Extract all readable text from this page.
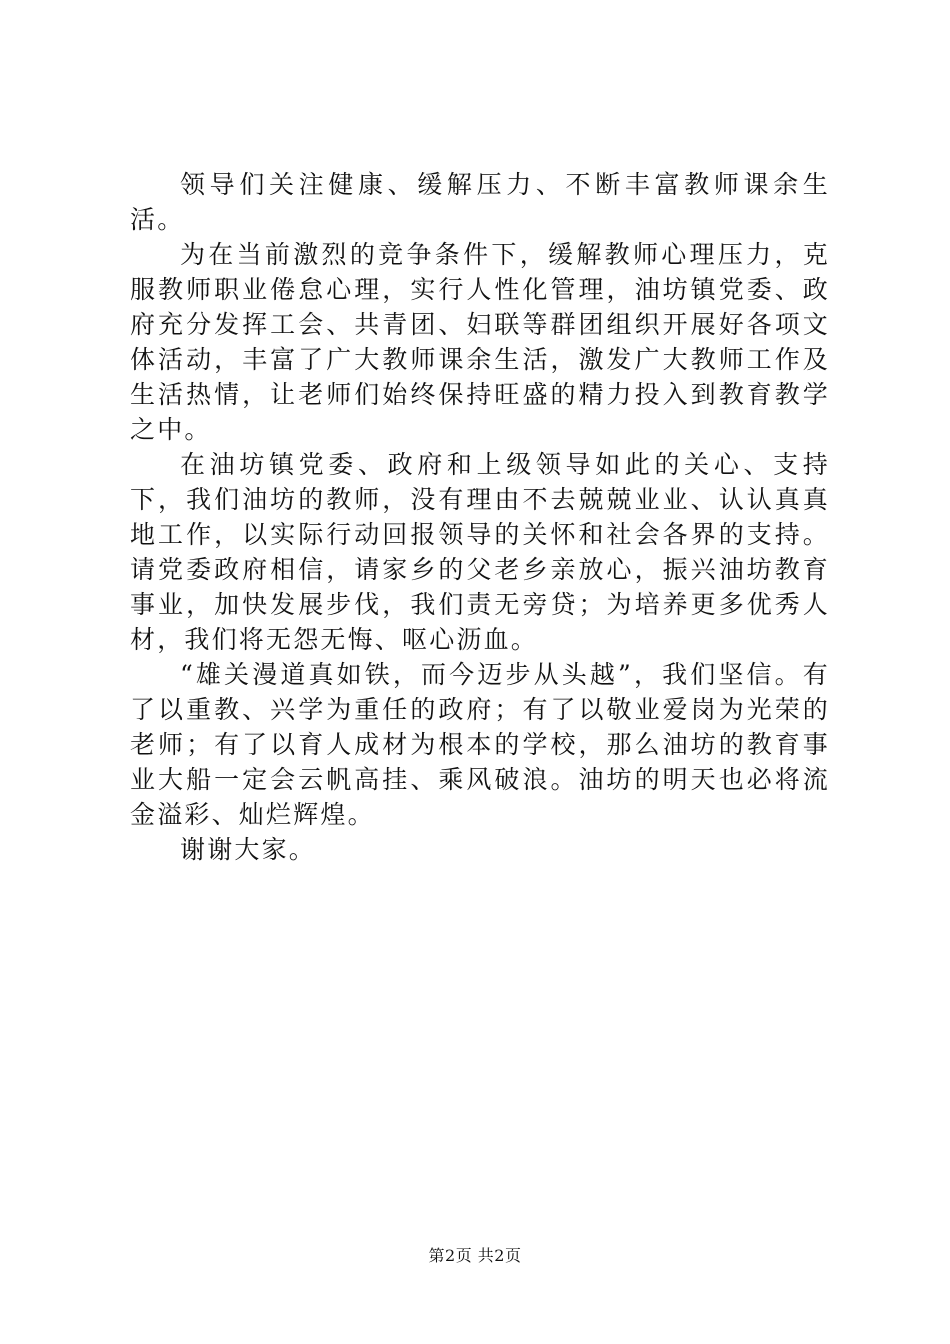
领导们关注健康、缓解压力、不断丰富教师课余生活。

为在当前激烈的竞争条件下，缓解教师心理压力，克服教师职业倦怠心理，实行人性化管理，油坊镇党委、政府充分发挥工会、共青团、妇联等群团组织开展好各项文体活动，丰富了广大教师课余生活，激发广大教师工作及生活热情，让老师们始终保持旺盛的精力投入到教育教学之中。

在油坊镇党委、政府和上级领导如此的关心、支持下，我们油坊的教师，没有理由不去兢兢业业、认认真真地工作，以实际行动回报领导的关怀和社会各界的支持。请党委政府相信，请家乡的父老乡亲放心，振兴油坊教育事业，加快发展步伐，我们责无旁贷；为培养更多优秀人材，我们将无怨无悔、呕心沥血。

“雄关漫道真如铁，而今迈步从头越”，我们坚信。有了以重教、兴学为重任的政府；有了以敬业爱岗为光荣的老师；有了以育人成材为根本的学校，那么油坊的教育事业大船一定会云帆高挂、乘风破浪。油坊的明天也必将流金溢彩、灿烂辉煌。

谢谢大家。

第2页 共2页
